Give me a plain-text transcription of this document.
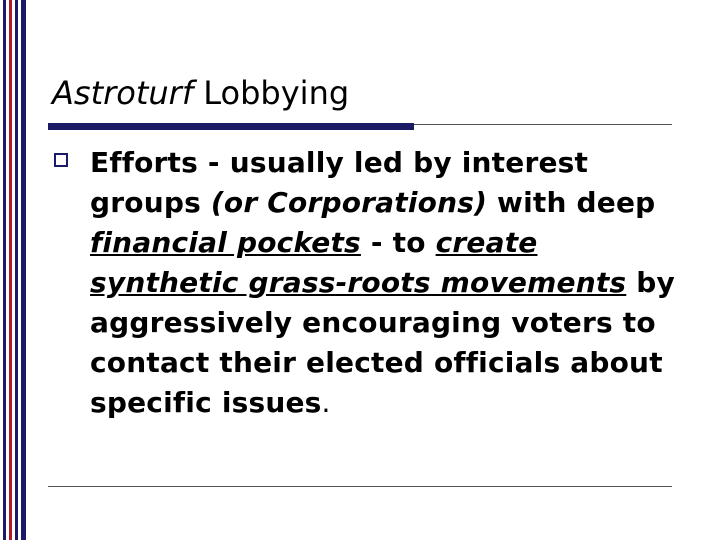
Astroturf Lobbying
Efforts - usually led by interest groups (or Corporations) with deep financial pockets - to create synthetic grass-roots movements by aggressively encouraging voters to contact their elected officials about specific issues.
